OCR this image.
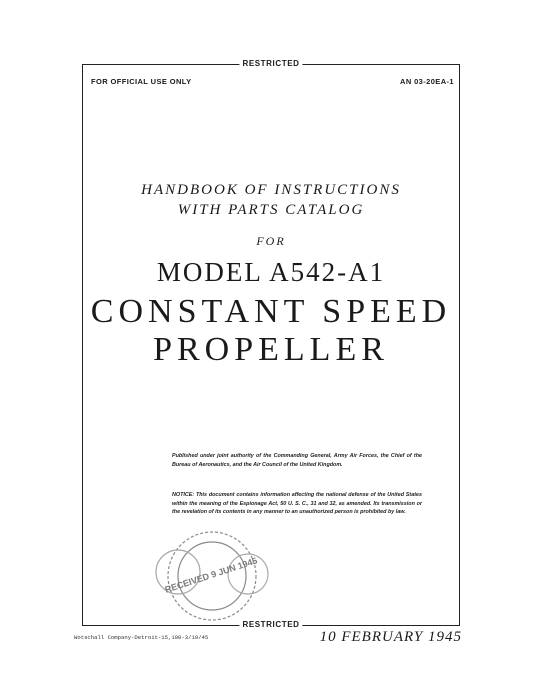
RESTRICTED
FOR OFFICIAL USE ONLY	AN 03-20EA-1
HANDBOOK OF INSTRUCTIONS
WITH PARTS CATALOG
FOR
MODEL A542-A1
CONSTANT SPEED
PROPELLER
Published under joint authority of the Commanding General, Army Air Forces, the Chief of the Bureau of Aeronautics, and the Air Council of the United Kingdom.
NOTICE: This document contains information affecting the national defense of the United States within the meaning of the Espionage Act, 50 U. S. C., 31 and 32, as amended. Its transmission or the revelation of its contents in any manner to an unauthorized person is prohibited by law.
RECEIVED 9 JUN 1945
RESTRICTED
Wotschall Company-Detroit-15,100-3/10/45	10 FEBRUARY 1945
